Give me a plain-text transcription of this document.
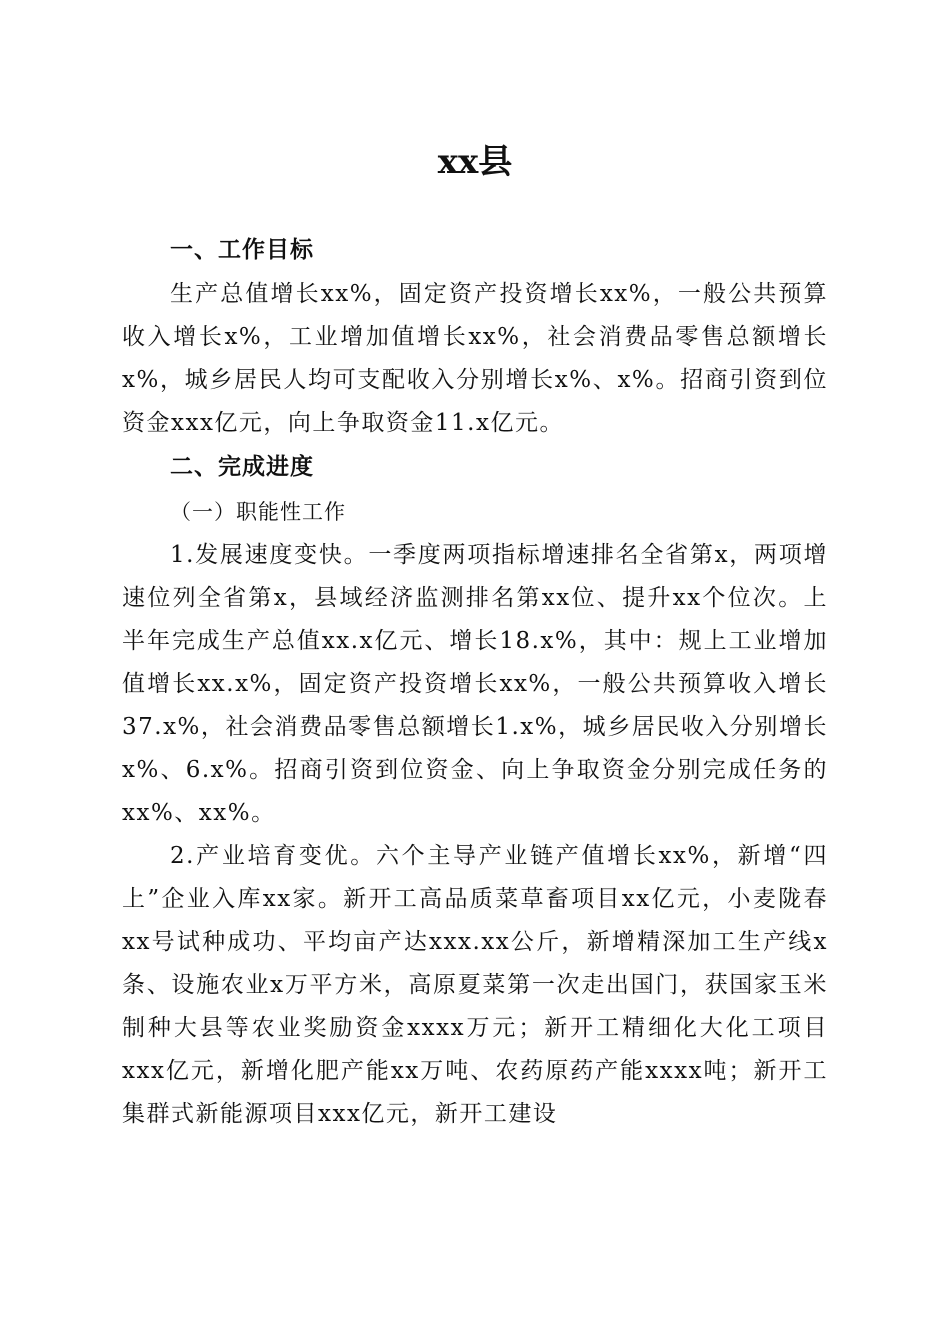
xx县

一、工作目标

生产总值增长xx%，固定资产投资增长xx%，一般公共预算收入增长x%，工业增加值增长xx%，社会消费品零售总额增长x%，城乡居民人均可支配收入分别增长x%、x%。招商引资到位资金xxx亿元，向上争取资金11.x亿元。

二、完成进度

（一）职能性工作

1.发展速度变快。一季度两项指标增速排名全省第x，两项增速位列全省第x，县域经济监测排名第xx位、提升xx个位次。上半年完成生产总值xx.x亿元、增长18.x%，其中：规上工业增加值增长xx.x%，固定资产投资增长xx%，一般公共预算收入增长37.x%，社会消费品零售总额增长1.x%，城乡居民收入分别增长x%、6.x%。招商引资到位资金、向上争取资金分别完成任务的xx%、xx%。

2.产业培育变优。六个主导产业链产值增长xx%，新增“四上”企业入库xx家。新开工高品质菜草畜项目xx亿元，小麦陇春xx号试种成功、平均亩产达xxx.xx公斤，新增精深加工生产线x条、设施农业x万平方米，高原夏菜第一次走出国门，获国家玉米制种大县等农业奖励资金xxxx万元；新开工精细化大化工项目xxx亿元，新增化肥产能xx万吨、农药原药产能xxxx吨；新开工集群式新能源项目xxx亿元，新开工建设
